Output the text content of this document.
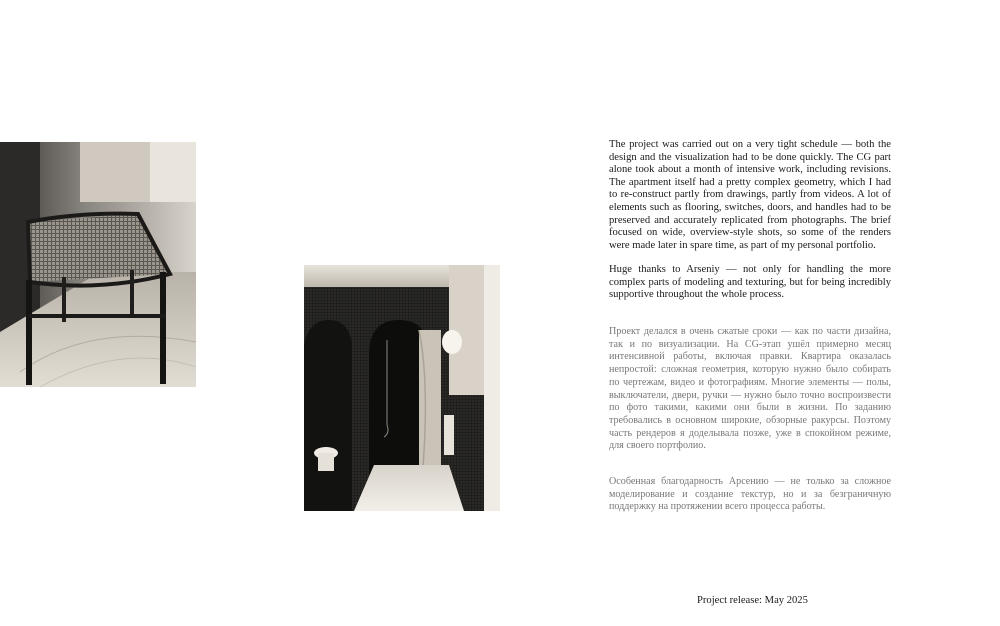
The project was carried out on a very tight schedule — both the design and the visualization had to be done quickly. The CG part alone took about a month of intensive work, including revisions. The apartment itself had a pretty complex geometry, which I had to re-construct partly from drawings, partly from videos. A lot of elements such as flooring, switches, doors, and handles had to be preserved and accurately replicated from photographs. The brief focused on wide, overview-style shots, so some of the renders were made later in spare time, as part of my personal portfolio.

Huge thanks to Arseniy — not only for handling the more complex parts of modeling and texturing, but for being incredibly supportive throughout the whole process.

Проект делался в очень сжатые сроки — как по части дизайна, так и по визуализации. На CG-этап ушёл примерно месяц интенсивной работы, включая правки. Квартира оказалась непростой: сложная геометрия, которую нужно было собирать по чертежам, видео и фотографиям. Многие элементы — полы, выключатели, двери, ручки — нужно было точно воспроизвести по фото такими, какими они были в жизни. По заданию требовались в основном широкие, обзорные ракурсы. Поэтому часть рендеров я доделывала позже, уже в спокойном режиме, для своего портфолио.

Особенная благодарность Арсению — не только за сложное моделирование и создание текстур, но и за безграничную поддержку на протяжении всего процесса работы.

Project release: May 2025
